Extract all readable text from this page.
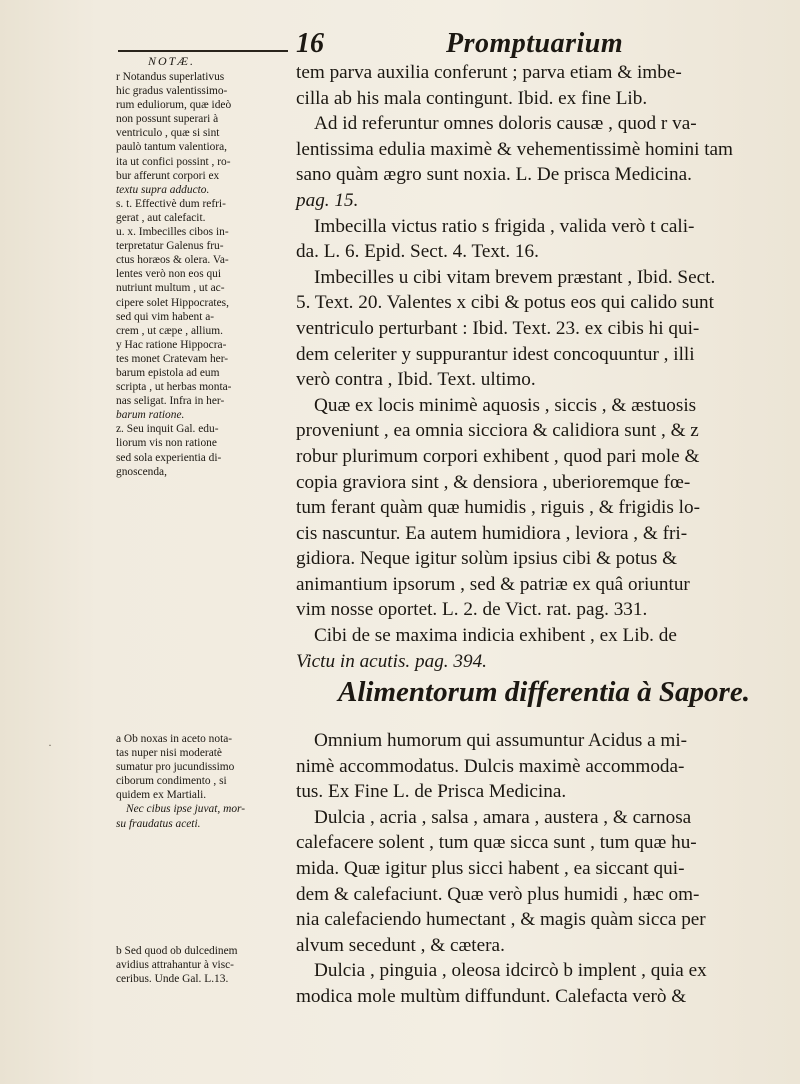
NOTÆ.
16	Promptuarium
·
r Notandus superlativus
hic gradus valentissimo-
rum eduliorum, quæ ideò
non possunt superari à
ventriculo , quæ si sint
paulò tantum valentiora,
ita ut confici possint , ro-
bur afferunt corpori ex
textu supra adducto.
s. t. Effectivè dum refri-
gerat , aut calefacit.
u. x. Imbecilles cibos in-
terpretatur Galenus fru-
ctus horæos & olera. Va-
lentes verò non eos qui
nutriunt multum , ut ac-
cipere solet Hippocrates,
sed qui vim habent a-
crem , ut cæpe , allium.
y Hac ratione Hippocra-
tes monet Cratevam her-
barum epistola ad eum
scripta , ut herbas monta-
nas seligat. Infra in her-
barum ratione.
z. Seu inquit Gal. edu-
liorum vis non ratione
sed sola experientia di-
gnoscenda,
tem parva auxilia conferunt ; parva etiam & imbe-
cilla ab his mala contingunt. Ibid. ex fine Lib.
Ad id referuntur omnes doloris causæ , quod r va-
lentissima edulia maximè & vehementissimè homini tam
sano quàm ægro sunt noxia. L. De prisca Medicina.
pag. 15.
Imbecilla victus ratio s frigida , valida verò t cali-
da. L. 6. Epid. Sect. 4. Text. 16.
Imbecilles u cibi vitam brevem præstant , Ibid. Sect.
5. Text. 20. Valentes x cibi & potus eos qui calido sunt
ventriculo perturbant : Ibid. Text. 23. ex cibis hi qui-
dem celeriter y suppurantur idest concoquuntur , illi
verò contra , Ibid. Text. ultimo.
Quæ ex locis minimè aquosis , siccis , & æstuosis
proveniunt , ea omnia sicciora & calidiora sunt , & z
robur plurimum corpori exhibent , quod pari mole &
copia graviora sint , & densiora , uberioremque fœ-
tum ferant quàm quæ humidis , riguis , & frigidis lo-
cis nascuntur. Ea autem humidiora , leviora , & fri-
gidiora. Neque igitur solùm ipsius cibi & potus &
animantium ipsorum , sed & patriæ ex quâ oriuntur
vim nosse oportet. L. 2. de Vict. rat. pag. 331.
Cibi de se maxima indicia exhibent , ex Lib. de
Victu in acutis. pag. 394.
Alimentorum differentia à Sapore.
a Ob noxas in aceto nota-
tas nuper nisi moderatè
sumatur pro jucundissimo
ciborum condimento , si
quidem ex Martiali.
Nec cibus ipse juvat, mor-
su fraudatus aceti.
Omnium humorum qui assumuntur Acidus a mi-
nimè accommodatus. Dulcis maximè accommoda-
tus. Ex Fine L. de Prisca Medicina.
Dulcia , acria , salsa , amara , austera , & carnosa
calefacere solent , tum quæ sicca sunt , tum quæ hu-
mida. Quæ igitur plus sicci habent , ea siccant qui-
dem & calefaciunt. Quæ verò plus humidi , hæc om-
nia calefaciendo humectant , & magis quàm sicca per
alvum secedunt , & cætera.
Dulcia , pinguia , oleosa idcircò b implent , quia ex
modica mole multùm diffundunt. Calefacta verò &
b Sed quod ob dulcedinem
avidius attrahantur à visc-
ceribus. Unde Gal. L.13.
